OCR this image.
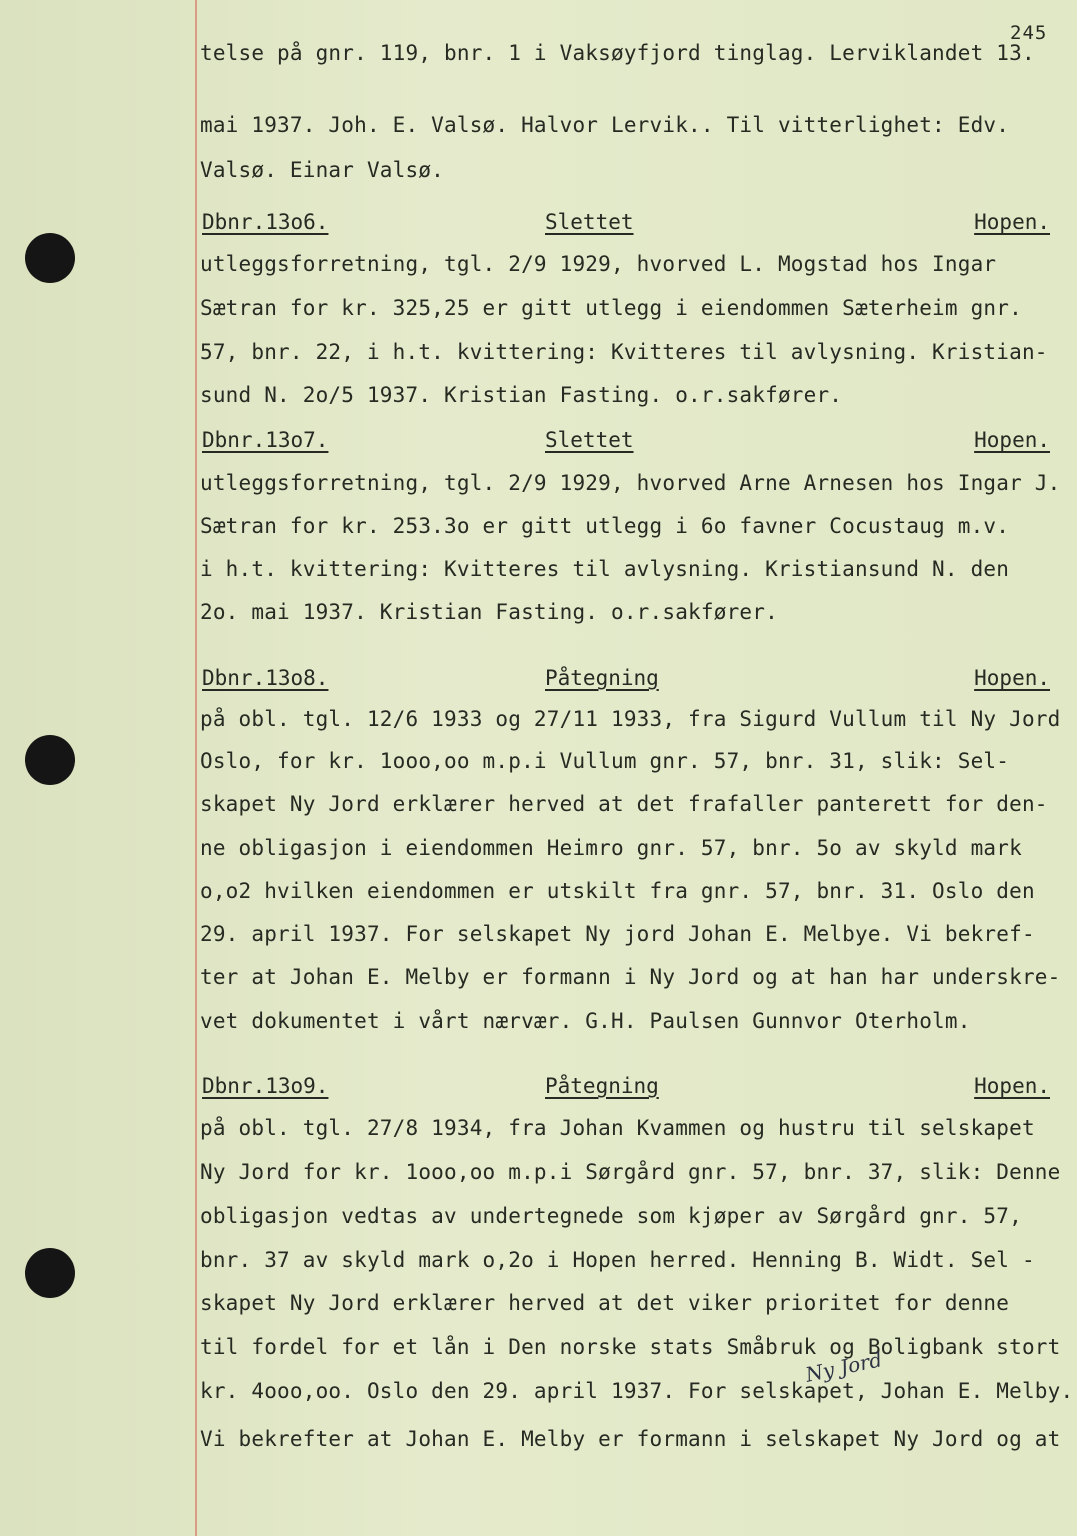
245
telse på gnr. 119, bnr. 1 i Vaksøyfjord tinglag. Lerviklandet 13.
mai 1937. Joh. E. Valsø. Halvor Lervik.. Til vitterlighet: Edv.
Valsø. Einar Valsø.
Dbnr.13o6.	Slettet	Hopen.
utleggsforretning, tgl. 2/9 1929, hvorved L. Mogstad hos Ingar
Sætran for kr. 325,25 er gitt utlegg i eiendommen Sæterheim gnr.
57, bnr. 22, i h.t. kvittering: Kvitteres til avlysning. Kristian-
sund N. 2o/5 1937. Kristian Fasting. o.r.sakfører.
Dbnr.13o7.	Slettet	Hopen.
utleggsforretning, tgl. 2/9 1929, hvorved Arne Arnesen hos Ingar J.
Sætran for kr. 253.3o er gitt utlegg i 6o favner Cocustaug m.v.
i h.t. kvittering: Kvitteres til avlysning. Kristiansund N. den
2o. mai 1937. Kristian Fasting. o.r.sakfører.
Dbnr.13o8.	Påtegning	Hopen.
på obl. tgl. 12/6 1933 og 27/11 1933, fra Sigurd Vullum til Ny Jord
Oslo, for kr. 1ooo,oo m.p.i Vullum gnr. 57, bnr. 31, slik: Sel-
skapet Ny Jord erklærer herved at det frafaller panterett for den-
ne obligasjon i eiendommen Heimro gnr. 57, bnr. 5o av skyld mark
o,o2 hvilken eiendommen er utskilt fra gnr. 57, bnr. 31. Oslo den
29. april 1937. For selskapet Ny jord Johan E. Melbye. Vi bekref-
ter at Johan E. Melby er formann i Ny Jord og at han har underskre-
vet dokumentet i vårt nærvær. G.H. Paulsen Gunnvor Oterholm.
Dbnr.13o9.	Påtegning	Hopen.
på obl. tgl. 27/8 1934, fra Johan Kvammen og hustru til selskapet
Ny Jord for kr. 1ooo,oo m.p.i Sørgård gnr. 57, bnr. 37, slik: Denne
obligasjon vedtas av undertegnede som kjøper av Sørgård gnr. 57,
bnr. 37 av skyld mark o,2o i Hopen herred. Henning B. Widt. Sel -
skapet Ny Jord erklærer herved at det viker prioritet for denne
til fordel for et lån i Den norske stats Småbruk og Boligbank stort
kr. 4ooo,oo. Oslo den 29. april 1937. For selskapet, Johan E. Melby.
Vi bekrefter at Johan E. Melby er formann i selskapet Ny Jord og at
Ny Jord
